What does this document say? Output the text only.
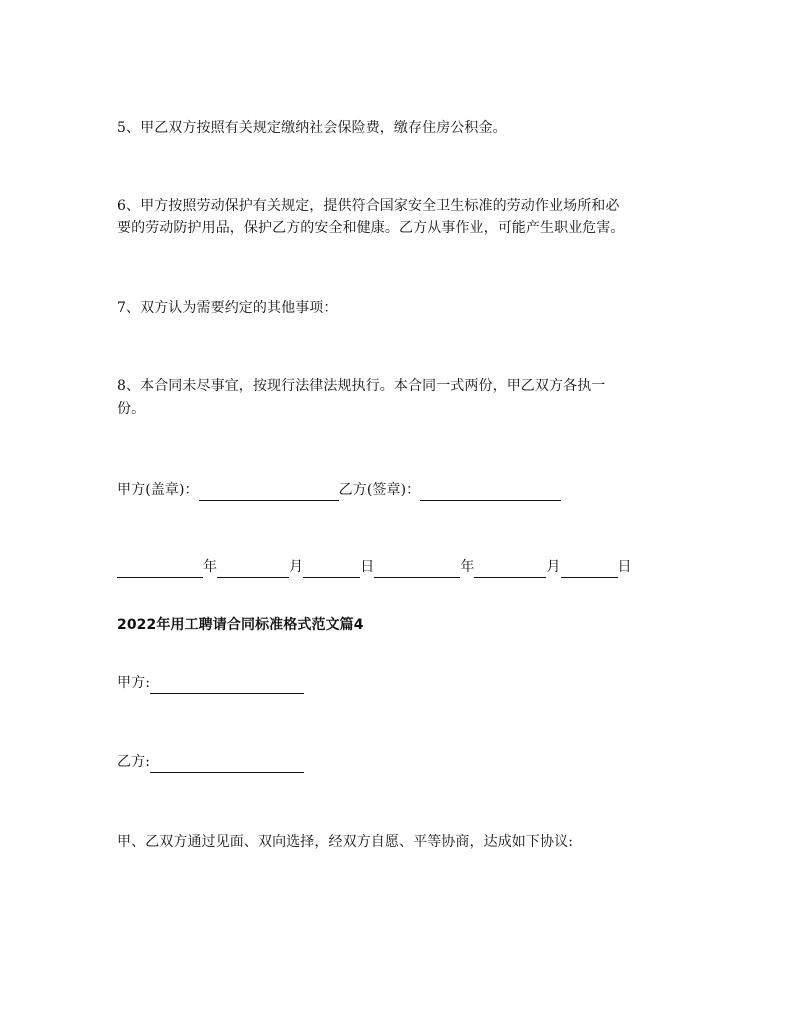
5、甲乙双方按照有关规定缴纳社会保险费，缴存住房公积金。
6、甲方按照劳动保护有关规定，提供符合国家安全卫生标准的劳动作业场所和必
要的劳动防护用品，保护乙方的安全和健康。乙方从事作业，可能产生职业危害。
7、双方认为需要约定的其他事项：
8、本合同未尽事宜，按现行法律法规执行。本合同一式两份，甲乙双方各执一
份。
甲方(盖章)：	乙方(签章)：
年	月	日	年	月	日
2022年用工聘请合同标准格式范文篇4
甲方:
乙方:
甲、乙双方通过见面、双向选择，经双方自愿、平等协商，达成如下协议:
